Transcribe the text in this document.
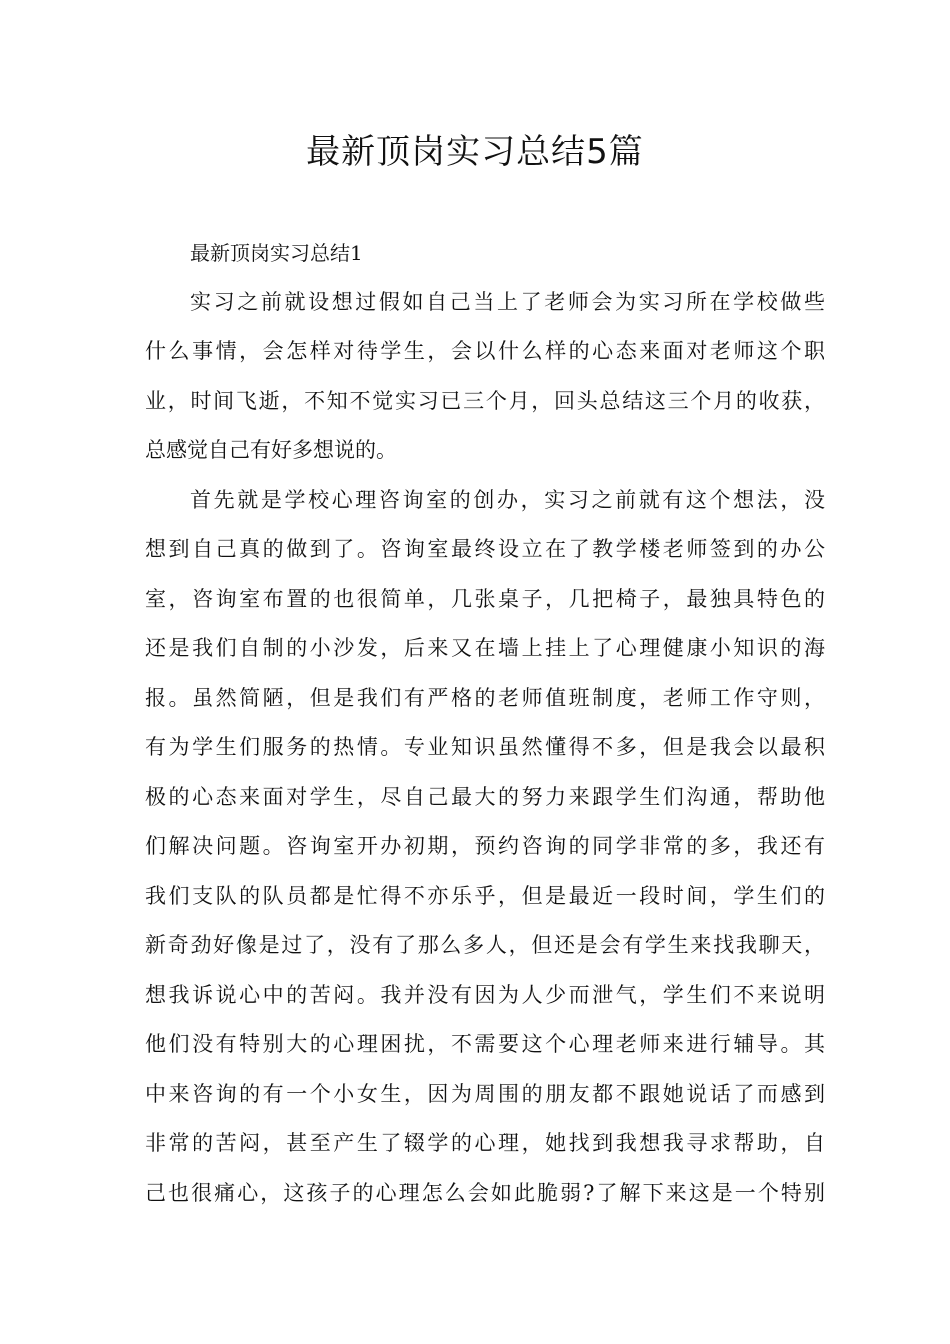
最新顶岗实习总结5篇
最新顶岗实习总结1
实习之前就设想过假如自己当上了老师会为实习所在学校做些
什么事情，会怎样对待学生，会以什么样的心态来面对老师这个职
业，时间飞逝，不知不觉实习已三个月，回头总结这三个月的收获，
总感觉自己有好多想说的。
首先就是学校心理咨询室的创办，实习之前就有这个想法，没
想到自己真的做到了。咨询室最终设立在了教学楼老师签到的办公
室，咨询室布置的也很简单，几张桌子，几把椅子，最独具特色的
还是我们自制的小沙发，后来又在墙上挂上了心理健康小知识的海
报。虽然简陋，但是我们有严格的老师值班制度，老师工作守则，
有为学生们服务的热情。专业知识虽然懂得不多，但是我会以最积
极的心态来面对学生，尽自己最大的努力来跟学生们沟通，帮助他
们解决问题。咨询室开办初期，预约咨询的同学非常的多，我还有
我们支队的队员都是忙得不亦乐乎，但是最近一段时间，学生们的
新奇劲好像是过了，没有了那么多人，但还是会有学生来找我聊天，
想我诉说心中的苦闷。我并没有因为人少而泄气，学生们不来说明
他们没有特别大的心理困扰，不需要这个心理老师来进行辅导。其
中来咨询的有一个小女生，因为周围的朋友都不跟她说话了而感到
非常的苦闷，甚至产生了辍学的心理，她找到我想我寻求帮助，自
己也很痛心，这孩子的心理怎么会如此脆弱?了解下来这是一个特别
